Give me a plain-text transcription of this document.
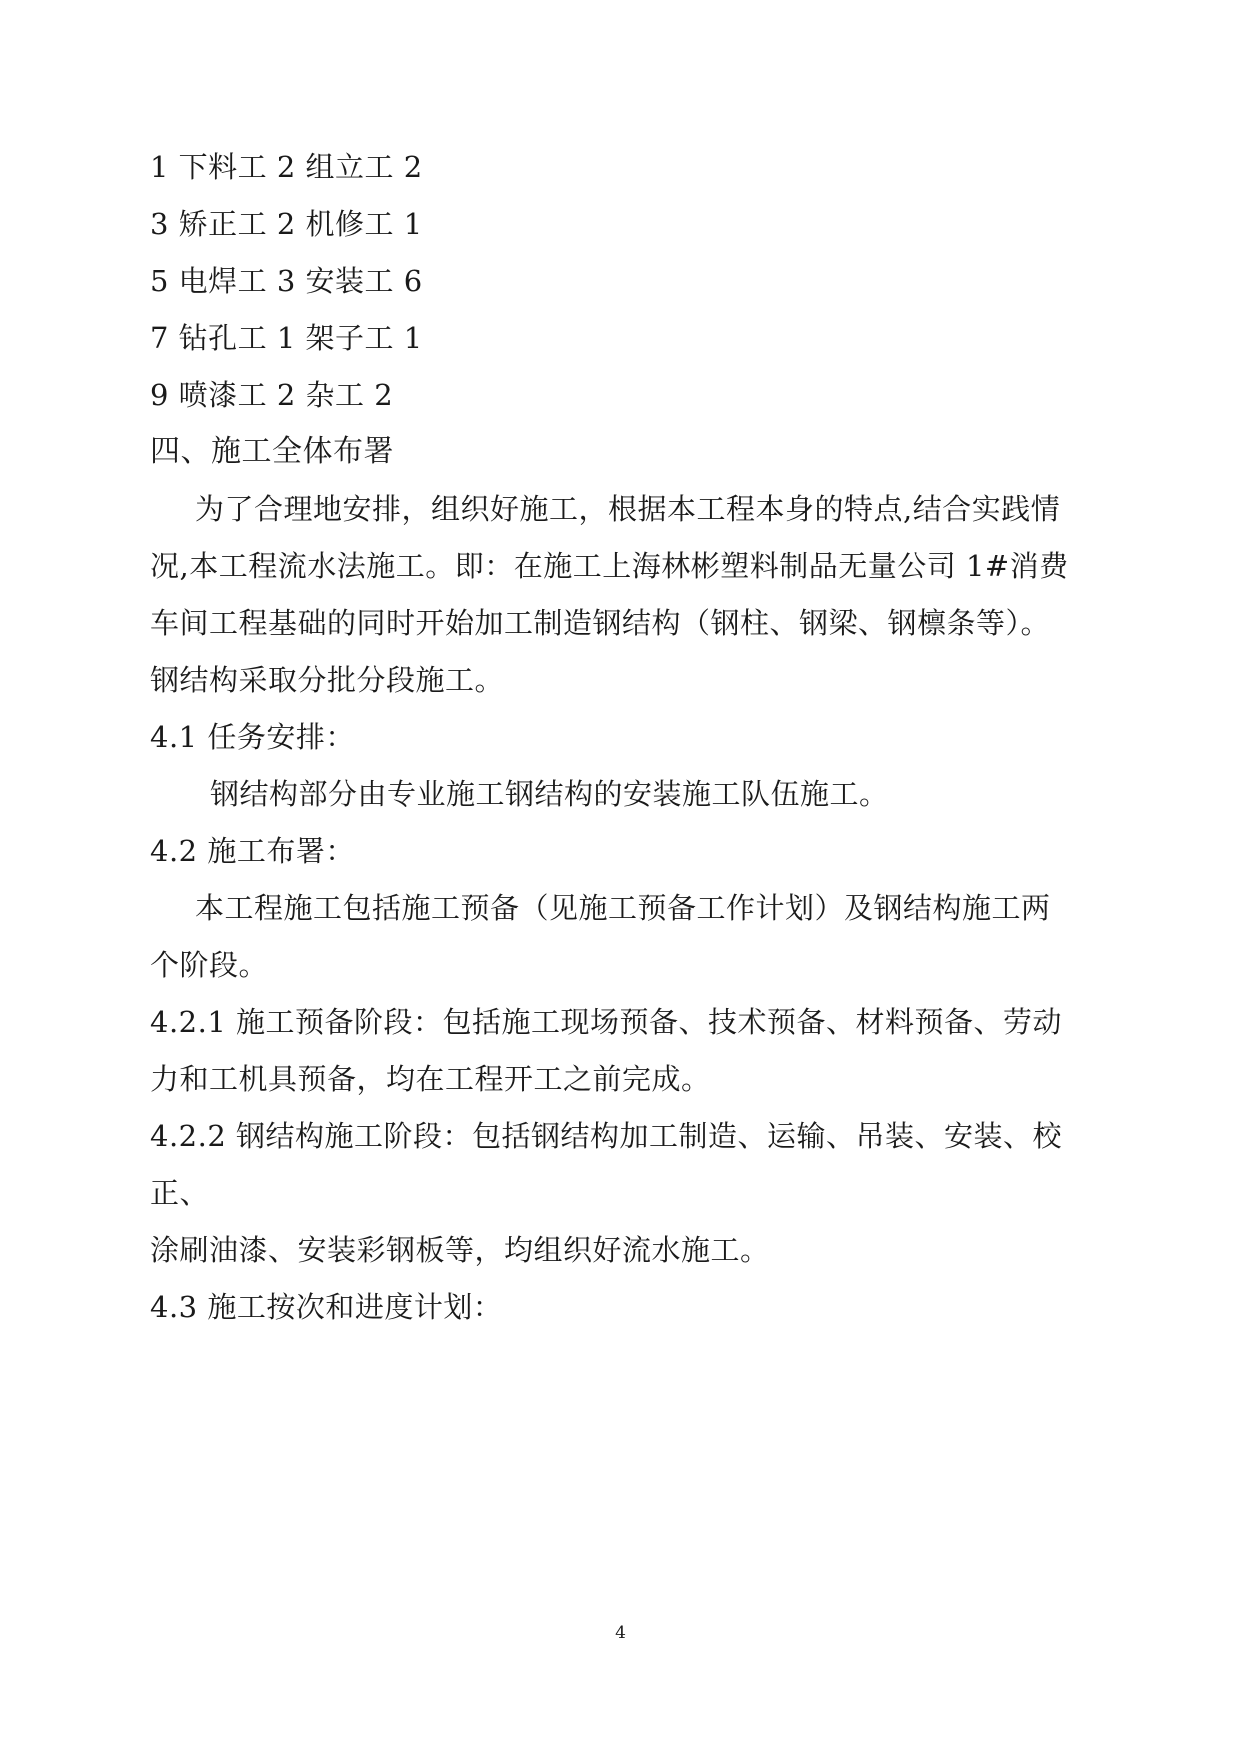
1 下料工 2 组立工 2
3 矫正工 2 机修工 1
5 电焊工 3 安装工 6
7 钻孔工 1 架子工 1
9 喷漆工 2 杂工 2
四、施工全体布署
为了合理地安排，组织好施工，根据本工程本身的特点,结合实践情
况,本工程流水法施工。即：在施工上海林彬塑料制品无量公司 1#消费
车间工程基础的同时开始加工制造钢结构（钢柱、钢梁、钢檩条等）。
钢结构采取分批分段施工。
4.1 任务安排：
钢结构部分由专业施工钢结构的安装施工队伍施工。
4.2 施工布署：
本工程施工包括施工预备（见施工预备工作计划）及钢结构施工两
个阶段。
4.2.1 施工预备阶段：包括施工现场预备、技术预备、材料预备、劳动
力和工机具预备，均在工程开工之前完成。
4.2.2 钢结构施工阶段：包括钢结构加工制造、运输、吊装、安装、校
正、
涂刷油漆、安装彩钢板等，均组织好流水施工。
4.3 施工按次和进度计划：
4
